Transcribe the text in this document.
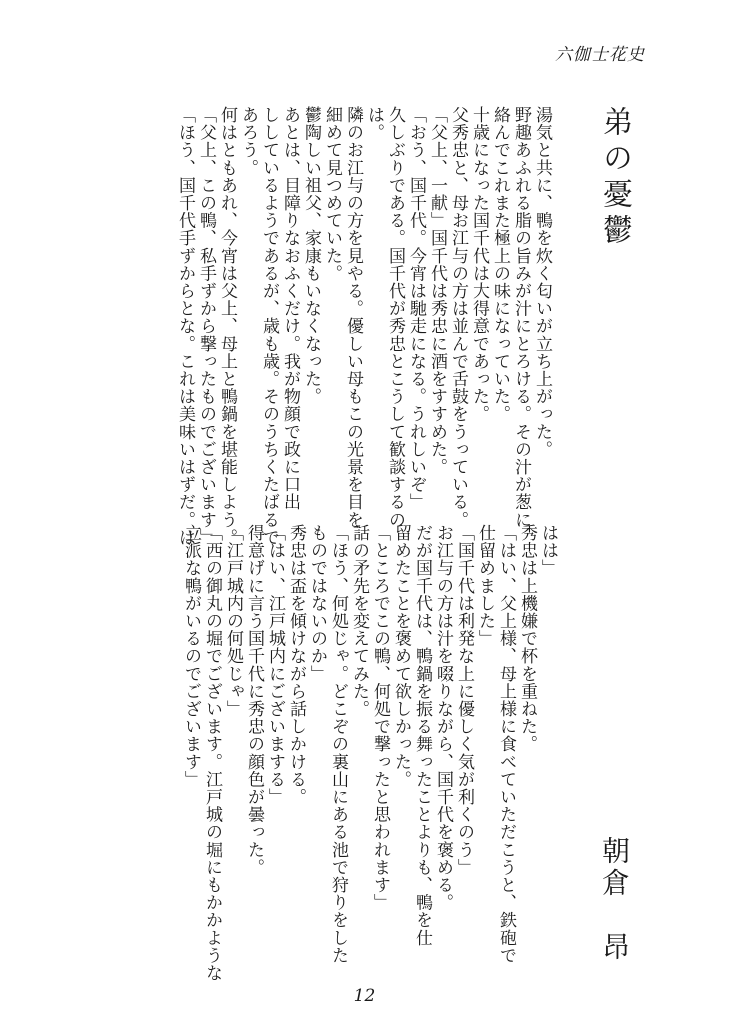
六伽士花史
弟の憂鬱
朝倉　昂

湯気と共に、鴨を炊く匂いが立ち上がった。

野趣あふれる脂の旨みが汁にとろける。その汁が葱に

絡んでこれまた極上の味になっていた。

十歳になった国千代は大得意であった。

父秀忠と、母お江与の方は並んで舌鼓をうっている。

「父上、一献」国千代は秀忠に酒をすすめた。

「おう、国千代。今宵は馳走になる。うれしいぞ」

久しぶりである。国千代が秀忠とこうして歓談するの

は。

隣のお江与の方を見やる。優しい母もこの光景を目を

細めて見つめていた。

鬱陶しい祖父、家康もいなくなった。

あとは、目障りなおふくだけ。我が物顔で政に口出

ししているようであるが、歳も歳。そのうちくたばるで

あろう。

何はともあれ、今宵は父上、母上と鴨鍋を堪能しよう。

「父上、この鴨、私手ずから撃ったものでございます」

「ほう、国千代手ずからとな。これは美味いはずだ。は

はは」

秀忠は上機嫌で杯を重ねた。

「はい、父上様、母上様に食べていただこうと、鉄砲で

仕留めました」

「国千代は利発な上に優しく気が利くのう」

お江与の方は汁を啜りながら、国千代を褒める。

だが国千代は、鴨鍋を振る舞ったことよりも、鴨を仕

留めたことを褒めて欲しかった。

「ところでこの鴨、何処で撃ったと思われます」

話の矛先を変えてみた。

「ほう、何処じゃ。どこぞの裏山にある池で狩りをした

ものではないのか」

秀忠は盃を傾けながら話しかける。

「はい、江戸城内にございまする」

得意げに言う国千代に秀忠の顔色が曇った。

「江戸城内の何処じゃ」

「西の御丸の堀でございます。江戸城の堀にもかかような

立派な鴨がいるのでございます」

12
